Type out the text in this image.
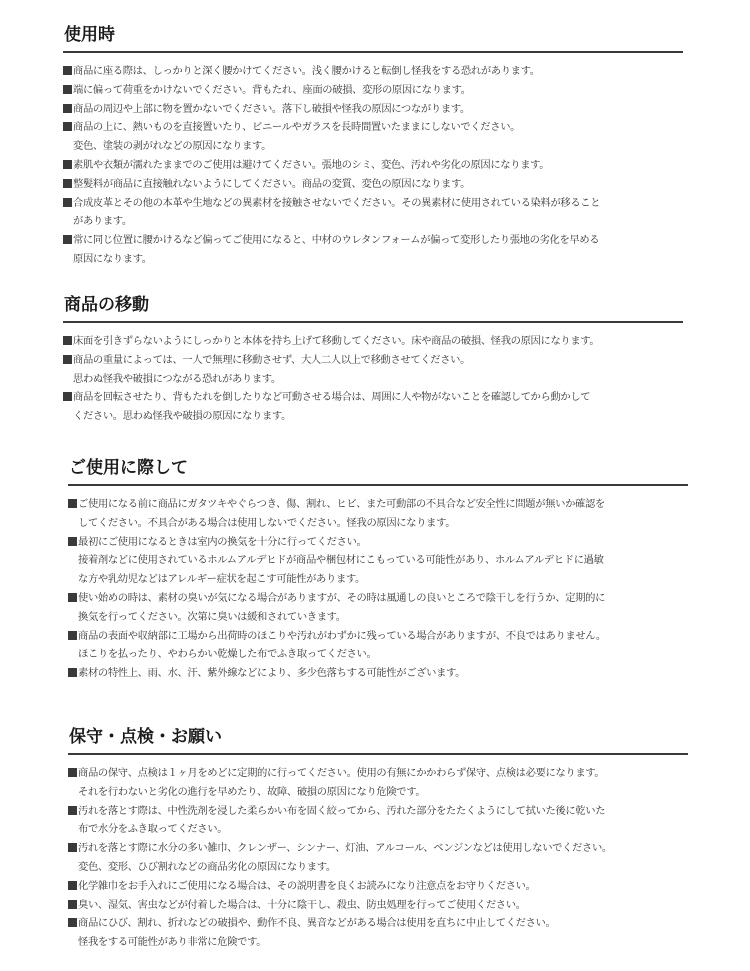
使用時
商品に座る際は、しっかりと深く腰かけてください。浅く腰かけると転倒し怪我をする恐れがあります。
端に偏って荷重をかけないでください。背もたれ、座面の破損、変形の原因になります。
商品の周辺や上部に物を置かないでください。落下し破損や怪我の原因につながります。
商品の上に、熱いものを直接置いたり、ビニールやガラスを長時間置いたままにしないでください。
変色、塗装の剥がれなどの原因になります。
素肌や衣類が濡れたままでのご使用は避けてください。張地のシミ、変色、汚れや劣化の原因になります。
整髪料が商品に直接触れないようにしてください。商品の変質、変色の原因になります。
合成皮革とその他の本革や生地などの異素材を接触させないでください。その異素材に使用されている染料が移ること
があります。
常に同じ位置に腰かけるなど偏ってご使用になると、中材のウレタンフォームが偏って変形したり張地の劣化を早める
原因になります。
商品の移動
床面を引きずらないようにしっかりと本体を持ち上げて移動してください。床や商品の破損、怪我の原因になります。
商品の重量によっては、一人で無理に移動させず、大人二人以上で移動させてください。
思わぬ怪我や破損につながる恐れがあります。
商品を回転させたり、背もたれを倒したりなど可動させる場合は、周囲に人や物がないことを確認してから動かして
ください。思わぬ怪我や破損の原因になります。
ご使用に際して
ご使用になる前に商品にガタツキやぐらつき、傷、割れ、ヒビ、また可動部の不具合など安全性に問題が無いか確認を
してください。不具合がある場合は使用しないでください。怪我の原因になります。
最初にご使用になるときは室内の換気を十分に行ってください。
接着剤などに使用されているホルムアルデヒドが商品や梱包材にこもっている可能性があり、ホルムアルデヒドに過敏
な方や乳幼児などはアレルギー症状を起こす可能性があります。
使い始めの時は、素材の臭いが気になる場合がありますが、その時は風通しの良いところで陰干しを行うか、定期的に
換気を行ってください。次第に臭いは緩和されていきます。
商品の表面や収納部に工場から出荷時のほこりや汚れがわずかに残っている場合がありますが、不良ではありません。
ほこりを払ったり、やわらかい乾燥した布でふき取ってください。
素材の特性上、雨、水、汗、紫外線などにより、多少色落ちする可能性がございます。
保守・点検・お願い
商品の保守、点検は１ヶ月をめどに定期的に行ってください。使用の有無にかかわらず保守、点検は必要になります。
それを行わないと劣化の進行を早めたり、故障、破損の原因になり危険です。
汚れを落とす際は、中性洗剤を浸した柔らかい布を固く絞ってから、汚れた部分をたたくようにして拭いた後に乾いた
布で水分をふき取ってください。
汚れを落とす際に水分の多い雑巾、クレンザー、シンナー、灯油、アルコール、ベンジンなどは使用しないでください。
変色、変形、ひび割れなどの商品劣化の原因になります。
化学雑巾をお手入れにご使用になる場合は、その説明書を良くお読みになり注意点をお守りください。
臭い、湿気、害虫などが付着した場合は、十分に陰干し、殺虫、防虫処理を行ってご使用ください。
商品にひび、割れ、折れなどの破損や、動作不良、異音などがある場合は使用を直ちに中止してください。
怪我をする可能性があり非常に危険です。
